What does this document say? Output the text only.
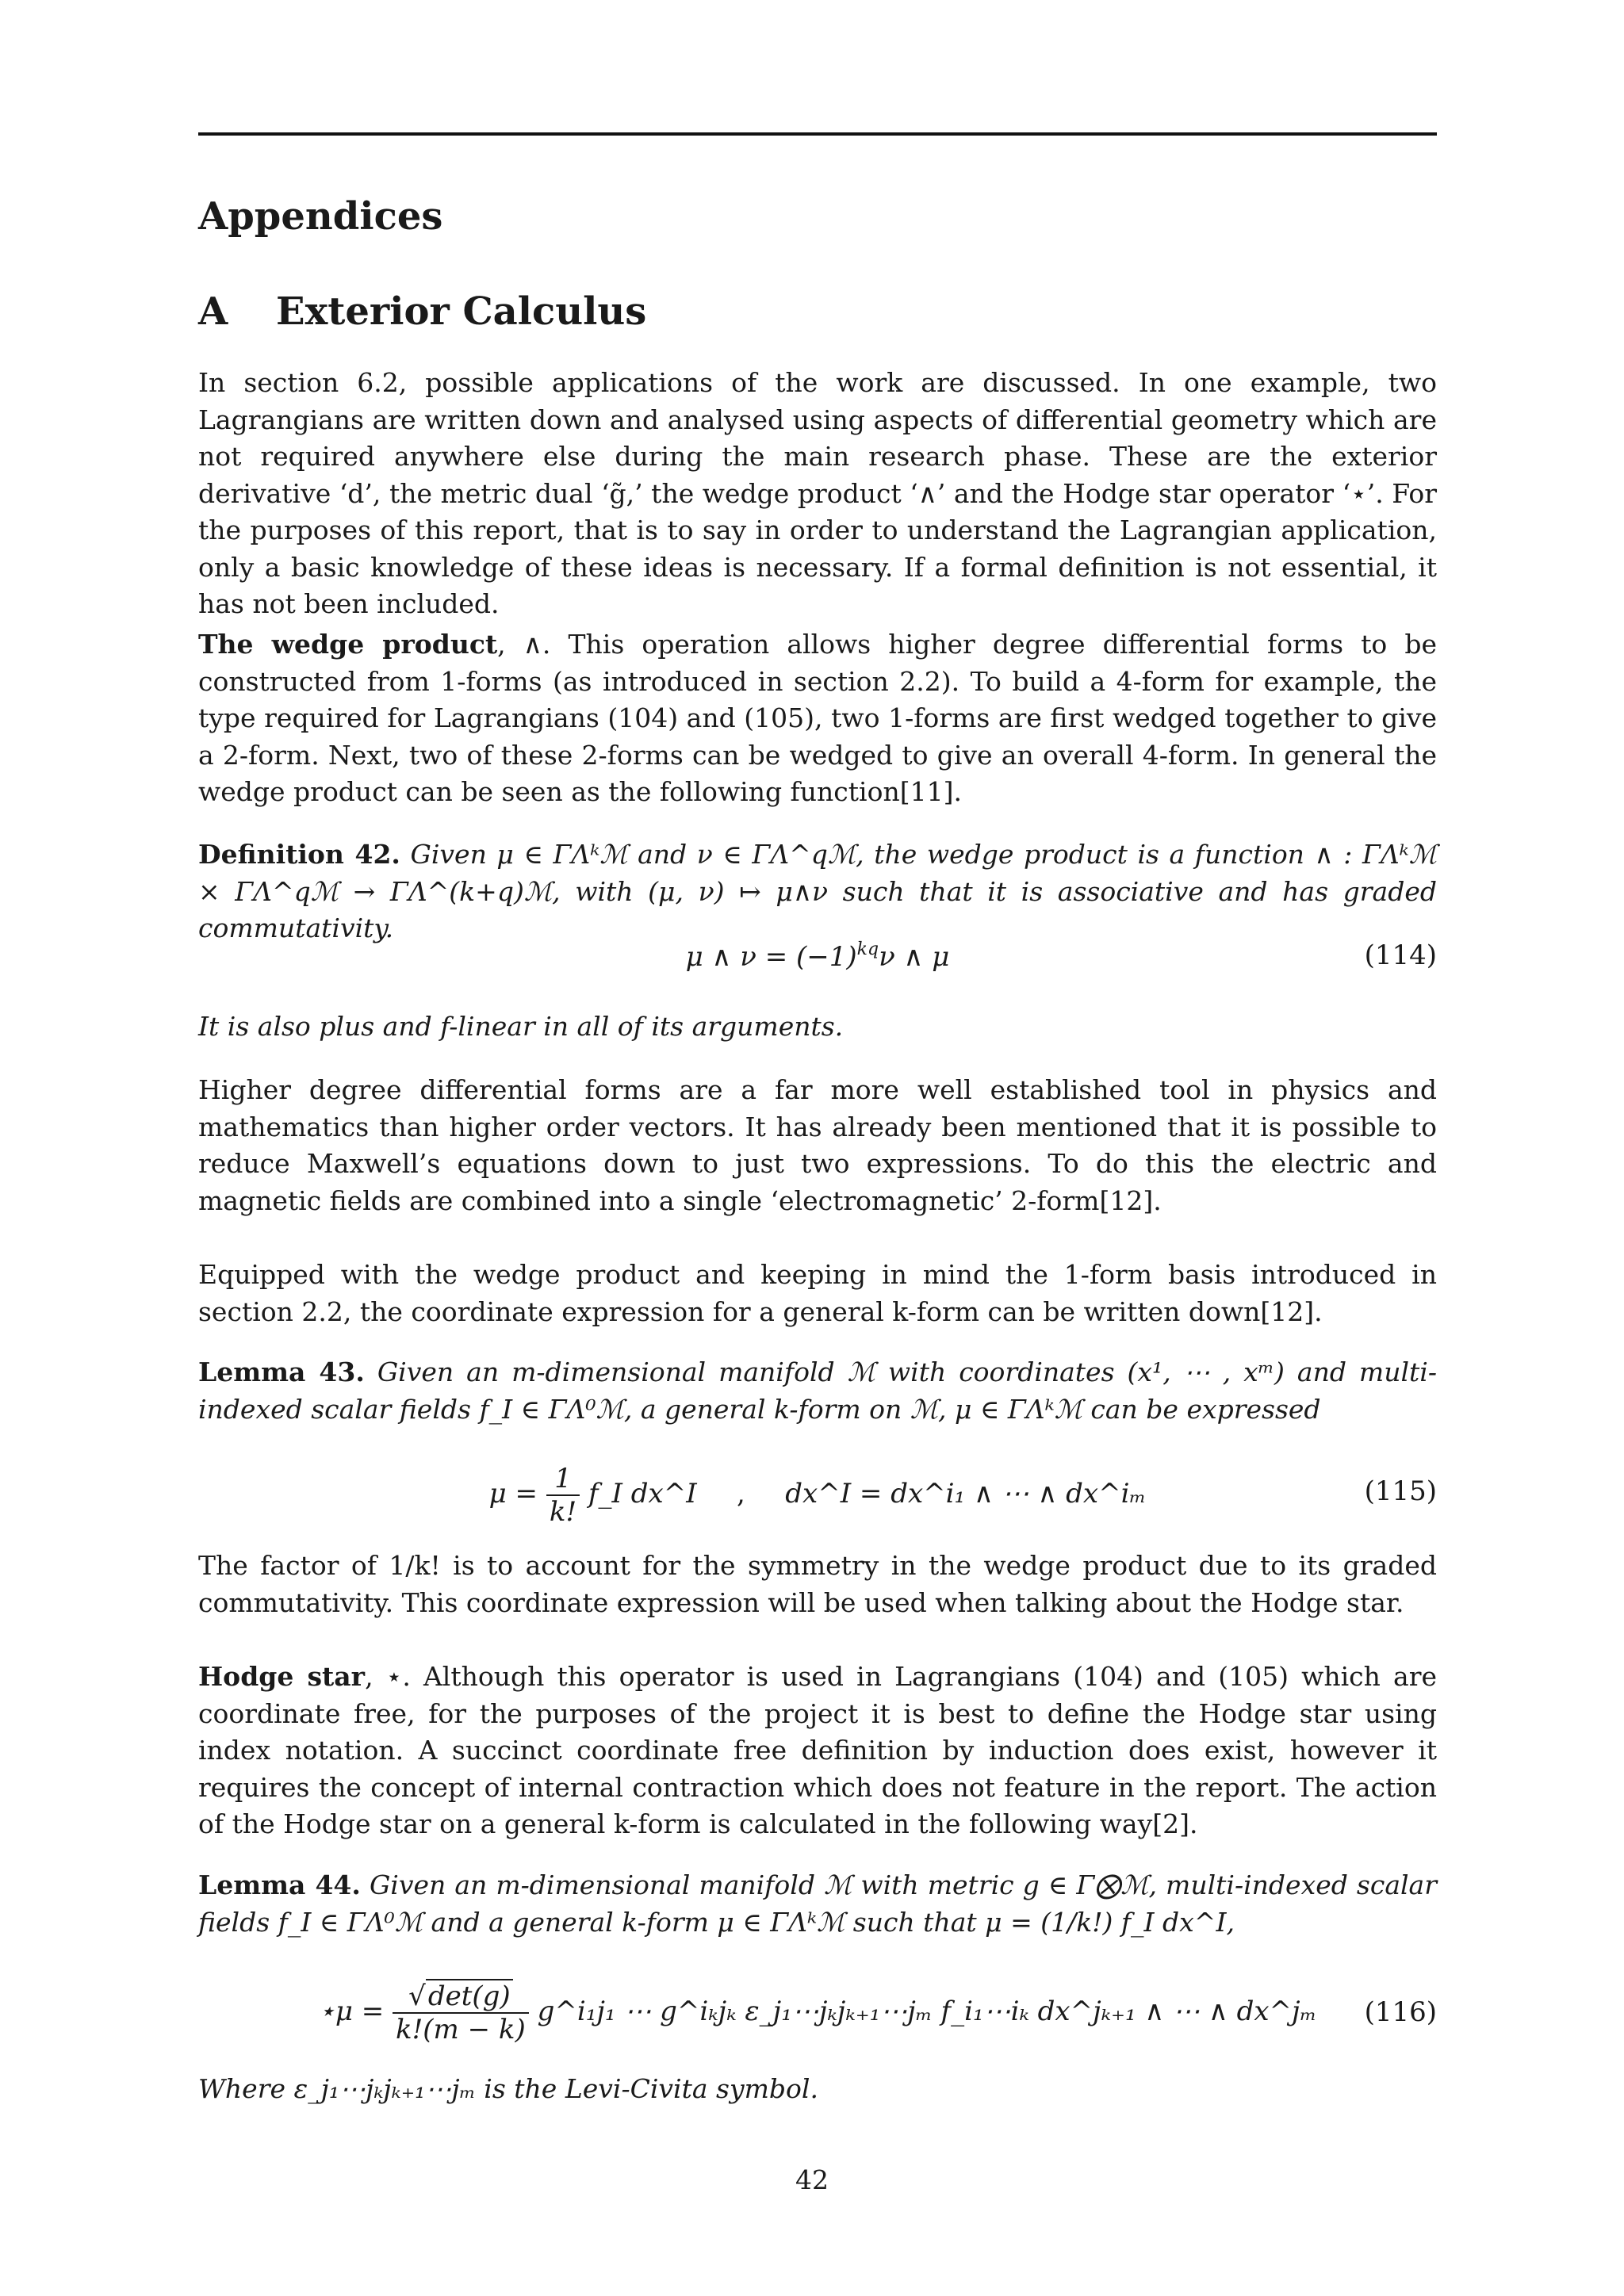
Appendices
A Exterior Calculus

In section 6.2, possible applications of the work are discussed. In one example, two Lagrangians are written down and analysed using aspects of differential geometry which are not required anywhere else during the main research phase. These are the exterior derivative ‘d’, the metric dual ‘g̃,’ the wedge product ‘∧’ and the Hodge star operator ‘⋆’. For the purposes of this report, that is to say in order to understand the Lagrangian application, only a basic knowledge of these ideas is necessary. If a formal definition is not essential, it has not been included.

The wedge product, ∧. This operation allows higher degree differential forms to be constructed from 1-forms (as introduced in section 2.2). To build a 4-form for example, the type required for Lagrangians (104) and (105), two 1-forms are first wedged together to give a 2-form. Next, two of these 2-forms can be wedged to give an overall 4-form. In general the wedge product can be seen as the following function[11].

Definition 42. Given μ ∈ ΓΛᵏℳ and ν ∈ ΓΛ^qℳ, the wedge product is a function ∧ : ΓΛᵏℳ × ΓΛ^qℳ → ΓΛ^(k+q)ℳ, with (μ, ν) ↦ μ∧ν such that it is associative and has graded commutativity.

μ ∧ $\nu = (-1)^{kq}\nu$ ∧ μ	(114)

It is also plus and f-linear in all of its arguments.

Higher degree differential forms are a far more well established tool in physics and mathematics than higher order vectors. It has already been mentioned that it is possible to reduce Maxwell’s equations down to just two expressions. To do this the electric and magnetic fields are combined into a single ‘electromagnetic’ 2-form[12].

Equipped with the wedge product and keeping in mind the 1-form basis introduced in section 2.2, the coordinate expression for a general k-form can be written down[12].

Lemma 43. Given an m-dimensional manifold ℳ with coordinates (x¹, ⋯ , xᵐ) and multi-indexed scalar fields f_I ∈ ΓΛ⁰ℳ, a general k-form on ℳ, μ ∈ ΓΛᵏℳ can be expressed

$\mu = \frac{1}{k!}$ f_I dx^I , dx^I = dx^i₁ ∧ ⋯ ∧ dx^iₘ	(115)

The factor of 1/k! is to account for the symmetry in the wedge product due to its graded commutativity. This coordinate expression will be used when talking about the Hodge star.

Hodge star, ⋆. Although this operator is used in Lagrangians (104) and (105) which are coordinate free, for the purposes of the project it is best to define the Hodge star using index notation. A succinct coordinate free definition by induction does exist, however it requires the concept of internal contraction which does not feature in the report. The action of the Hodge star on a general k-form is calculated in the following way[2].

Lemma 44. Given an m-dimensional manifold ℳ with metric g ∈ Γ⨂ℳ, multi-indexed scalar fields f_I ∈ ΓΛ⁰ℳ and a general k-form μ ∈ ΓΛᵏℳ such that μ = (1/k!) f_I dx^I,

⋆μ = $\frac{√\det(g)}{k!(m - k)}$ g^i₁j₁ ⋯ g^iₖjₖ ε_j₁⋯jₖjₖ₊₁⋯jₘ f_i₁⋯iₖ dx^jₖ₊₁ ∧ ⋯ ∧ dx^jₘ	(116)

Where ε_j₁⋯jₖjₖ₊₁⋯jₘ is the Levi-Civita symbol.

42
